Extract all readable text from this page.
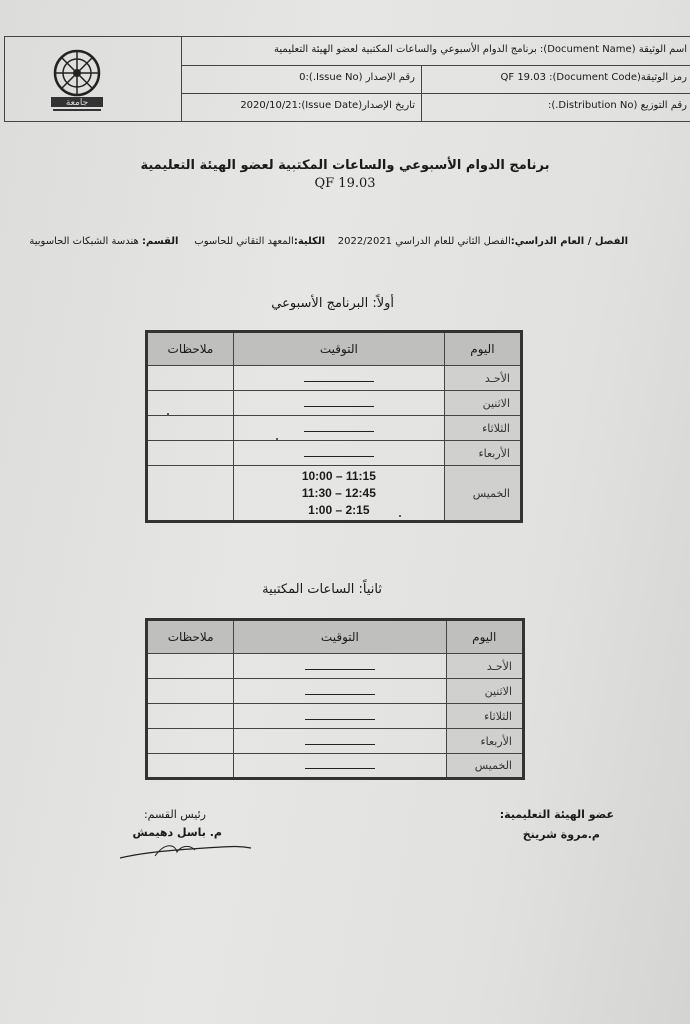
جامعة
اسم الوثيقة (Document Name): برنامج الدوام الأسبوعي والساعات المكتبية لعضو الهيئة التعليمية
رمز الوثيقة(Document Code): QF 19.03
رقم الإصدار (Issue No.):0
رقم التوزيع (Distribution No.):
تاريخ الإصدار(Issue Date):2020/10/21
برنامج الدوام الأسبوعي والساعات المكتبية لعضو الهيئة التعليمية
QF 19.03
الفصل / العام الدراسي:الفصل الثاني للعام الدراسي 2022/2021    الكلية:المعهد التقاني للحاسوب     القسم: هندسة الشبكات الحاسوبية
أولاً: البرنامج الأسبوعي
اليوم	التوقيت	ملاحظات
الأحـد		
الاثنين		
الثلاثاء		
الأربعاء		
الخميس	10:00 – 11:15
11:30 – 12:45
1:00 – 2:15	

ثانياً: الساعات المكتبية
اليوم	التوقيت	ملاحظات
الأحـد		
الاثنين		
الثلاثاء		
الأربعاء		
الخميس		
عضو الهيئة التعليمية:
م.مروة شرينخ
رئيس القسم:
م. باسل دهيمش
